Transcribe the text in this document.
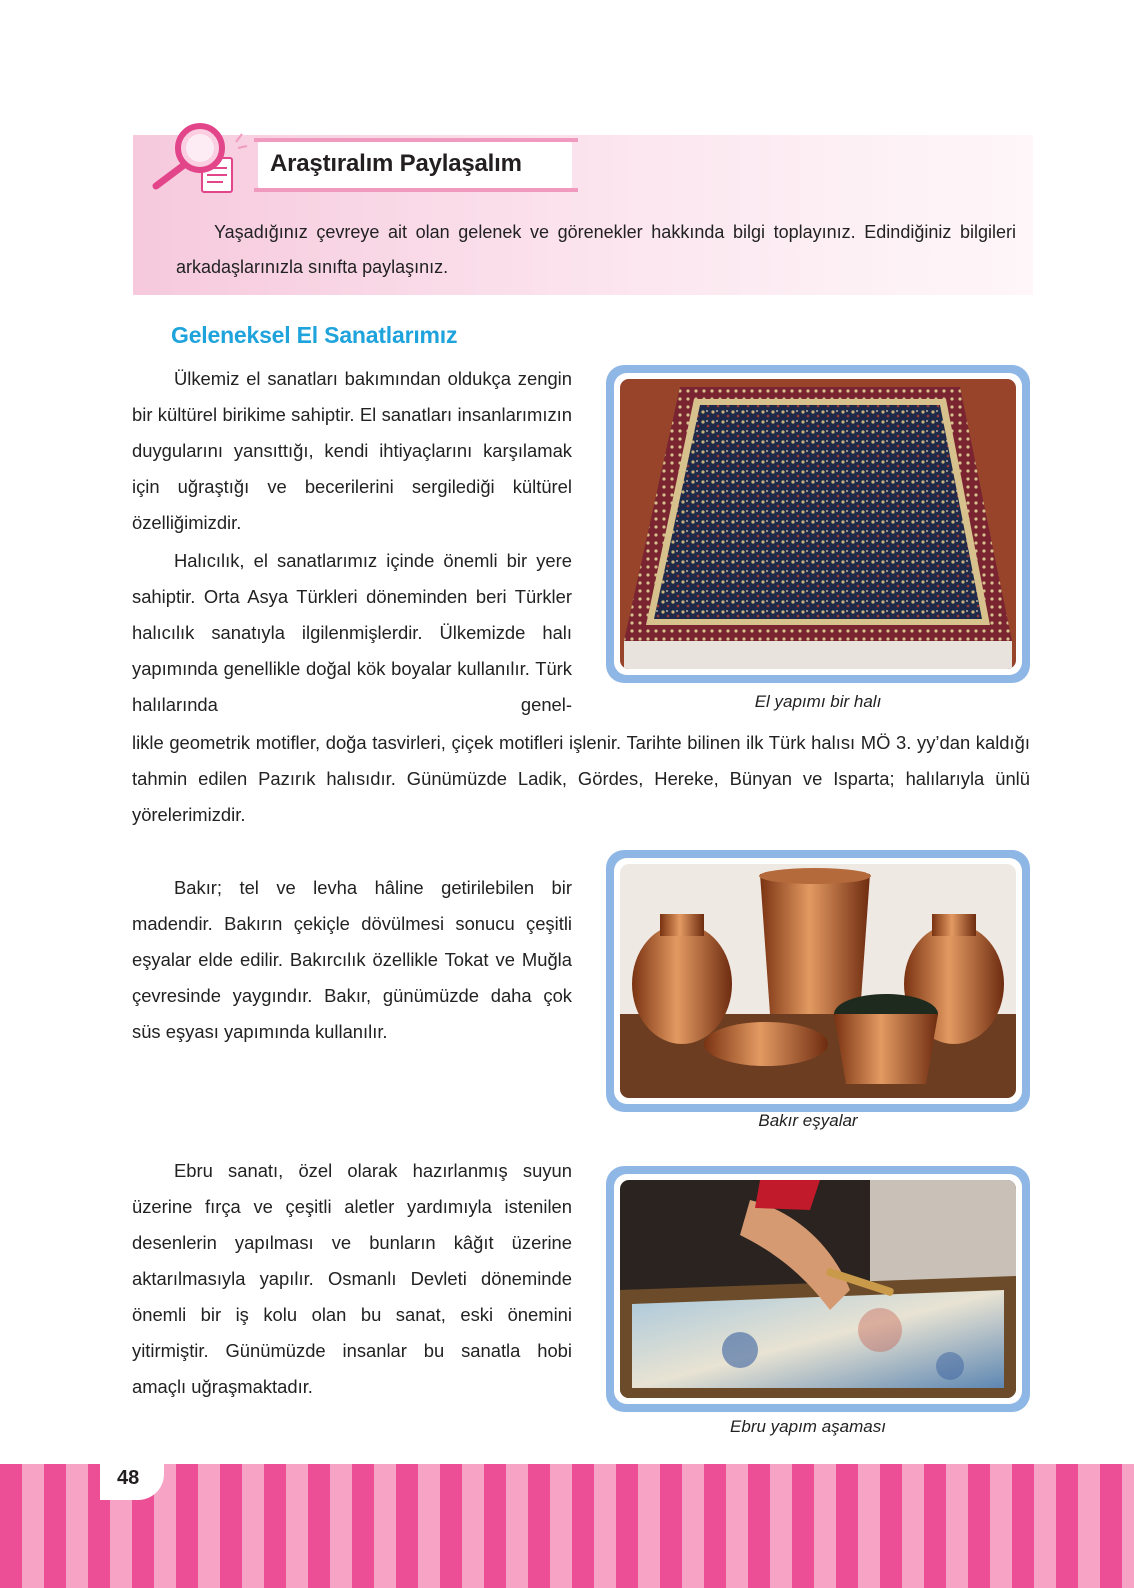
Araştıralım Paylaşalım
Yaşadığınız çevreye ait olan gelenek ve görenekler hakkında bilgi toplayınız. Edindiğiniz bilgileri arkadaşlarınızla sınıfta paylaşınız.
Geleneksel El Sanatlarımız
Ülkemiz el sanatları bakımından oldukça zengin bir kültürel birikime sahiptir. El sanatları insanlarımızın duygularını yansıttığı, kendi ihtiyaçlarını karşılamak için uğraştığı ve becerilerini sergilediği kültürel özelliğimizdir.
Halıcılık, el sanatlarımız içinde önemli bir yere sahiptir. Orta Asya Türkleri döneminden beri Türkler halıcılık sanatıyla ilgilenmişlerdir. Ülkemizde halı yapımında genellikle doğal kök boyalar kullanılır. Türk halılarında genel-
likle geometrik motifler, doğa tasvirleri, çiçek motifleri işlenir. Tarihte bilinen ilk Türk halısı MÖ 3. yy’dan kaldığı tahmin edilen Pazırık halısıdır. Günümüzde Ladik, Gördes, Hereke, Bünyan ve Isparta; halılarıyla ünlü yörelerimizdir.
El yapımı bir halı
Bakır; tel ve levha hâline getirilebilen bir madendir. Bakırın çekiçle dövülmesi sonucu çeşitli eşyalar elde edilir. Bakırcılık özellikle Tokat ve Muğla çevresinde yaygındır. Bakır, günümüzde daha çok süs eşyası yapımında kullanılır.
Bakır eşyalar
Ebru sanatı, özel olarak hazırlanmış suyun üzerine fırça ve çeşitli aletler yardımıyla istenilen desenlerin yapılması ve bunların kâğıt üzerine aktarılmasıyla yapılır. Osmanlı Devleti döneminde önemli bir iş kolu olan bu sanat, eski önemini yitirmiştir. Günümüzde insanlar bu sanatla hobi amaçlı uğraşmaktadır.
Ebru yapım aşaması
48
